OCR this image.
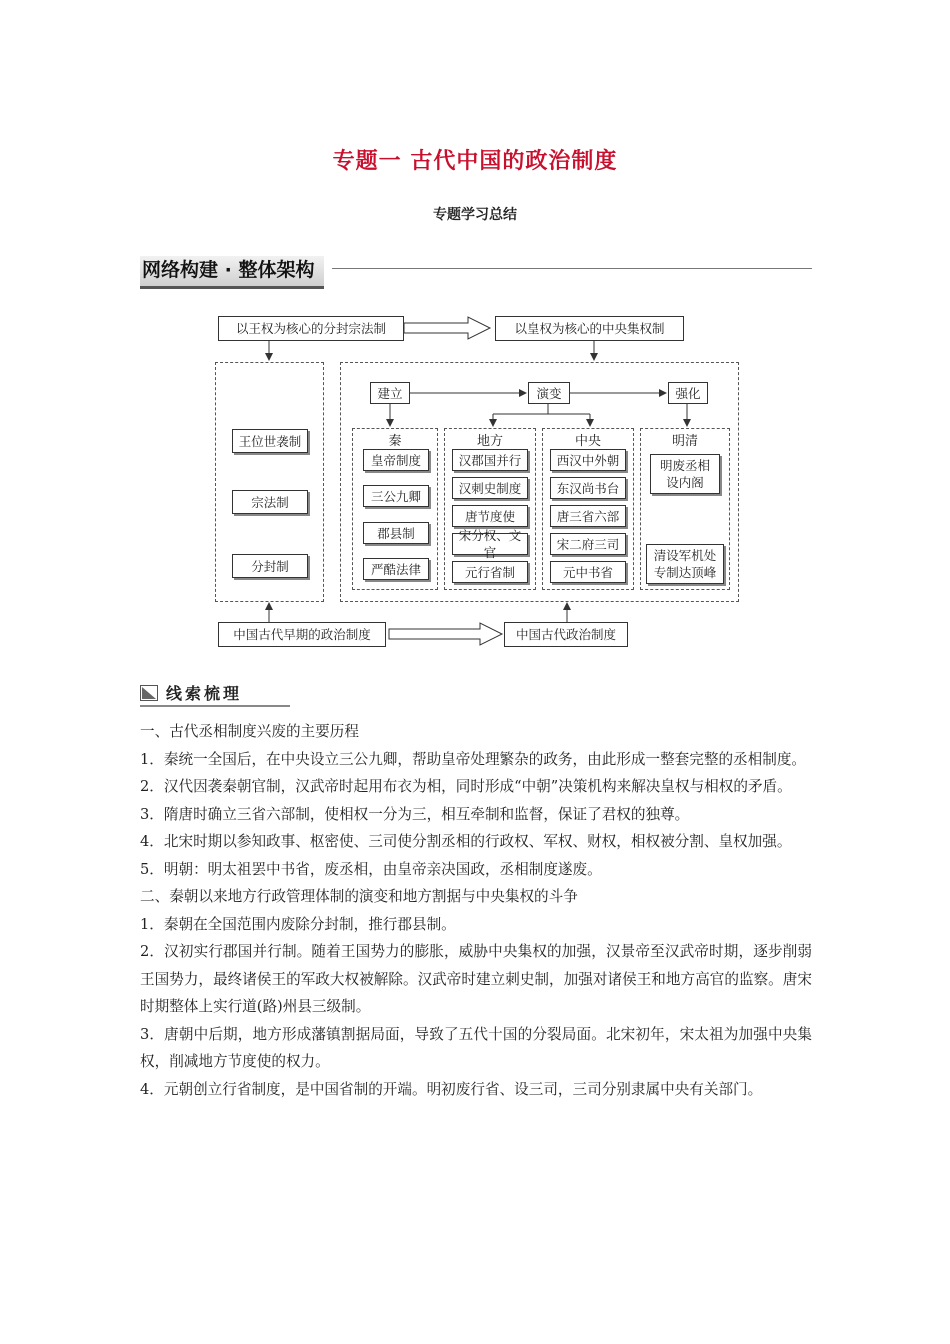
专题一 古代中国的政治制度
专题学习总结
网络构建 · 整体架构
以王权为核心的分封宗法制	以皇权为核心的中央集权制
王位世袭制
宗法制
分封制
建立	演变	强化
秦
皇帝制度
三公九卿
郡县制
严酷法律
地方
汉郡国并行
汉刺史制度
唐节度使
宋分权、文官
元行省制
中央
西汉中外朝
东汉尚书台
唐三省六部
宋二府三司
元中书省
明清
明废丞相
设内阁
清设军机处
专制达顶峰
中国古代早期的政治制度	中国古代政治制度
线索梳理

一、古代丞相制度兴废的主要历程

1．秦统一全国后，在中央设立三公九卿，帮助皇帝处理繁杂的政务，由此形成一整套完整的丞相制度。

2．汉代因袭秦朝官制，汉武帝时起用布衣为相，同时形成“中朝”决策机构来解决皇权与相权的矛盾。

3．隋唐时确立三省六部制，使相权一分为三，相互牵制和监督，保证了君权的独尊。

4．北宋时期以参知政事、枢密使、三司使分割丞相的行政权、军权、财权，相权被分割、皇权加强。

5．明朝：明太祖罢中书省，废丞相，由皇帝亲决国政，丞相制度遂废。

二、秦朝以来地方行政管理体制的演变和地方割据与中央集权的斗争

1．秦朝在全国范围内废除分封制，推行郡县制。

2．汉初实行郡国并行制。随着王国势力的膨胀，威胁中央集权的加强，汉景帝至汉武帝时期，逐步削弱王国势力，最终诸侯王的军政大权被解除。汉武帝时建立刺史制，加强对诸侯王和地方高官的监察。唐宋时期整体上实行道(路)州县三级制。

3．唐朝中后期，地方形成藩镇割据局面，导致了五代十国的分裂局面。北宋初年，宋太祖为加强中央集权，削减地方节度使的权力。

4．元朝创立行省制度，是中国省制的开端。明初废行省、设三司，三司分别隶属中央有关部门。
